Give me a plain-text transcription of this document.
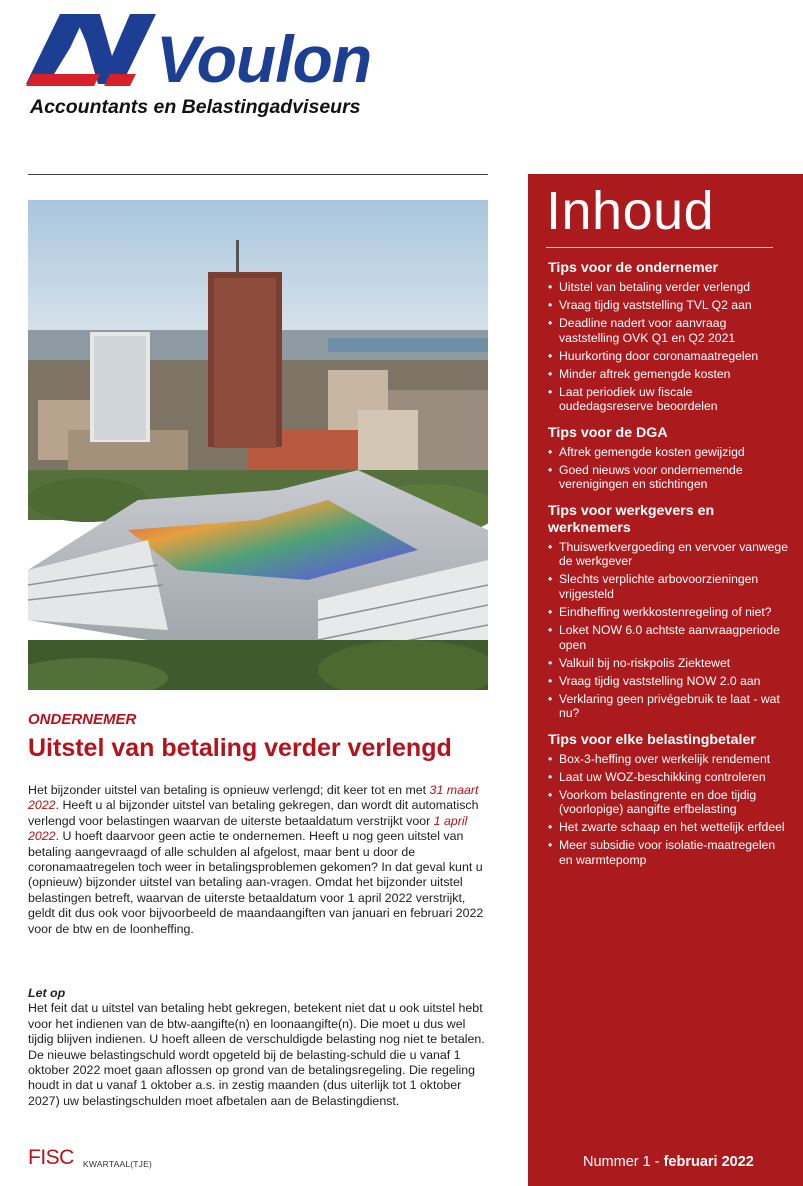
Voulon
Accountants en Belastingadviseurs
ONDERNEMER
Uitstel van betaling verder verlengd

Het bijzonder uitstel van betaling is opnieuw verlengd; dit keer tot en met 31 maart 2022. Heeft u al bijzonder uitstel van betaling gekregen, dan wordt dit automatisch verlengd voor belastingen waarvan de uiterste betaaldatum verstrijkt voor 1 april 2022. U hoeft daarvoor geen actie te ondernemen. Heeft u nog geen uitstel van betaling aangevraagd of alle schulden al afgelost, maar bent u door de coronamaatregelen toch weer in betalingsproblemen gekomen? In dat geval kunt u (opnieuw) bijzonder uitstel van betaling aan-vragen. Omdat het bijzonder uitstel belastingen betreft, waarvan de uiterste betaaldatum voor 1 april 2022 verstrijkt, geldt dit dus ook voor bijvoorbeeld de maandaangiften van januari en februari 2022 voor de btw en de loonheffing.

Let op
Het feit dat u uitstel van betaling hebt gekregen, betekent niet dat u ook uitstel hebt voor het indienen van de btw-aangifte(n) en loonaangifte(n). Die moet u dus wel tijdig blijven indienen. U hoeft alleen de verschuldigde belasting nog niet te betalen. De nieuwe belastingschuld wordt opgeteld bij de belasting-schuld die u vanaf 1 oktober 2022 moet gaan aflossen op grond van de betalingsregeling. Die regeling houdt in dat u vanaf 1 oktober a.s. in zestig maanden (dus uiterlijk tot 1 oktober 2027) uw belastingschulden moet afbetalen aan de Belastingdienst.
FISC KWARTAAL(TJE)
Inhoud
Tips voor de ondernemer
• Uitstel van betaling verder verlengd
• Vraag tijdig vaststelling TVL Q2 aan
• Deadline nadert voor aanvraag vaststelling OVK Q1 en Q2 2021
• Huurkorting door coronamaatregelen
• Minder aftrek gemengde kosten
• Laat periodiek uw fiscale oudedagsreserve beoordelen
Tips voor de DGA
• Aftrek gemengde kosten gewijzigd
• Goed nieuws voor ondernemende verenigingen en stichtingen
Tips voor werkgevers en werknemers
• Thuiswerkvergoeding en vervoer vanwege de werkgever
• Slechts verplichte arbovoorzieningen vrijgesteld
• Eindheffing werkkostenregeling of niet?
• Loket NOW 6.0 achtste aanvraagperiode open
• Valkuil bij no-riskpolis Ziektewet
• Vraag tijdig vaststelling NOW 2.0 aan
• Verklaring geen privégebruik te laat - wat nu?
Tips voor elke belastingbetaler
• Box-3-heffing over werkelijk rendement
• Laat uw WOZ-beschikking controleren
• Voorkom belastingrente en doe tijdig (voorlopige) aangifte erfbelasting
• Het zwarte schaap en het wettelijk erfdeel
• Meer subsidie voor isolatie-maatregelen en warmtepomp
Nummer 1 - februari 2022
